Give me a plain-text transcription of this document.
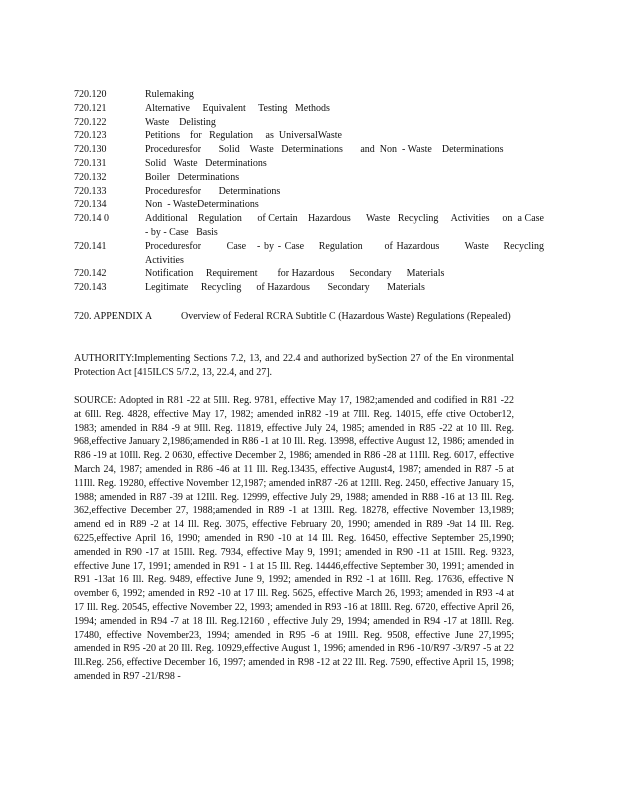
720.120	Rulemaking
720.121	Alternative     Equivalent     Testing   Methods
720.122	Waste    Delisting
720.123	Petitions    for   Regulation     as  UniversalWaste
720.130	Proceduresfor       Solid    Waste   Determinations       and  Non  - Waste    Determinations
720.131	Solid   Waste   Determinations
720.132	Boiler   Determinations
720.133	Proceduresfor       Determinations
720.134	Non  - WasteDeterminations
720.14 0	Additional    Regulation      of Certain    Hazardous      Waste   Recycling     Activities     on  a Case  - by - Case   Basis
720.141	Proceduresfor       Case   - by - Case    Regulation      of Hazardous       Waste    Recycling Activities
720.142	Notification     Requirement        for Hazardous      Secondary      Materials
720.143	Legitimate     Recycling      of Hazardous       Secondary       Materials
720. APPENDIX A	Overview of Federal RCRA Subtitle C (Hazardous Waste) Regulations (Repealed)

AUTHORITY:Implementing Sections 7.2, 13, and 22.4 and authorized bySection 27 of the En vironmental Protection Act [415ILCS 5/7.2, 13, 22.4, and 27].

SOURCE: Adopted in R81 -22 at 5Ill. Reg. 9781, effective May 17, 1982;amended and codified in R81 -22 at 6Ill. Reg. 4828, effective May 17, 1982; amended inR82 -19 at 7Ill. Reg. 14015, effe ctive October12, 1983; amended in R84 -9 at 9Ill. Reg. 11819, effective July 24, 1985; amended in R85 -22 at 10 Ill. Reg. 968,effective January 2,1986;amended in R86 -1 at 10 Ill. Reg. 13998, effective August 12, 1986; amended in R86 -19 at 10Ill. Reg. 2 0630, effective December 2, 1986; amended in R86 -28 at 11Ill. Reg. 6017, effective March 24, 1987; amended in R86 -46 at 11 Ill. Reg.13435, effective August4, 1987; amended in R87 -5 at 11Ill. Reg. 19280, effective November 12,1987; amended inR87 -26 at 12Ill. Reg. 2450, effective January 15, 1988; amended in R87 -39 at 12Ill. Reg. 12999, effective July 29, 1988; amended in R88 -16 at 13 Ill. Reg. 362,effective December 27, 1988;amended in R89 -1 at 13Ill. Reg. 18278, effective November 13,1989; amend ed in R89 -2 at 14 Ill. Reg. 3075, effective February 20, 1990; amended in R89 -9at 14 Ill. Reg. 6225,effective April 16, 1990; amended in R90 -10 at 14 Ill. Reg. 16450, effective September 25,1990; amended in R90 -17 at 15Ill. Reg. 7934, effective May 9, 1991; amended in R90 -11 at 15Ill. Reg. 9323, effective June 17, 1991; amended in R91 - 1 at 15 Ill. Reg. 14446,effective September 30, 1991; amended in R91 -13at 16 Ill. Reg. 9489, effective June 9, 1992; amended in R92 -1 at 16Ill. Reg. 17636, effective N ovember 6, 1992; amended in R92 -10 at 17 Ill. Reg. 5625, effective March 26, 1993; amended in R93 -4 at 17 Ill. Reg. 20545, effective November 22, 1993; amended in R93 -16 at 18Ill. Reg. 6720, effective April 26, 1994; amended in R94 -7 at 18 Ill. Reg.12160 , effective July 29, 1994; amended in R94 -17 at 18Ill. Reg. 17480, effective November23, 1994; amended in R95 -6 at 19Ill. Reg. 9508, effective June 27,1995; amended in R95 -20 at 20 Ill. Reg. 10929,effective August 1, 1996; amended in R96 -10/R97 -3/R97 -5 at 22 Ill.Reg. 256, effective December 16, 1997; amended in R98 -12 at 22 Ill. Reg. 7590, effective April 15, 1998; amended in R97 -21/R98 -
